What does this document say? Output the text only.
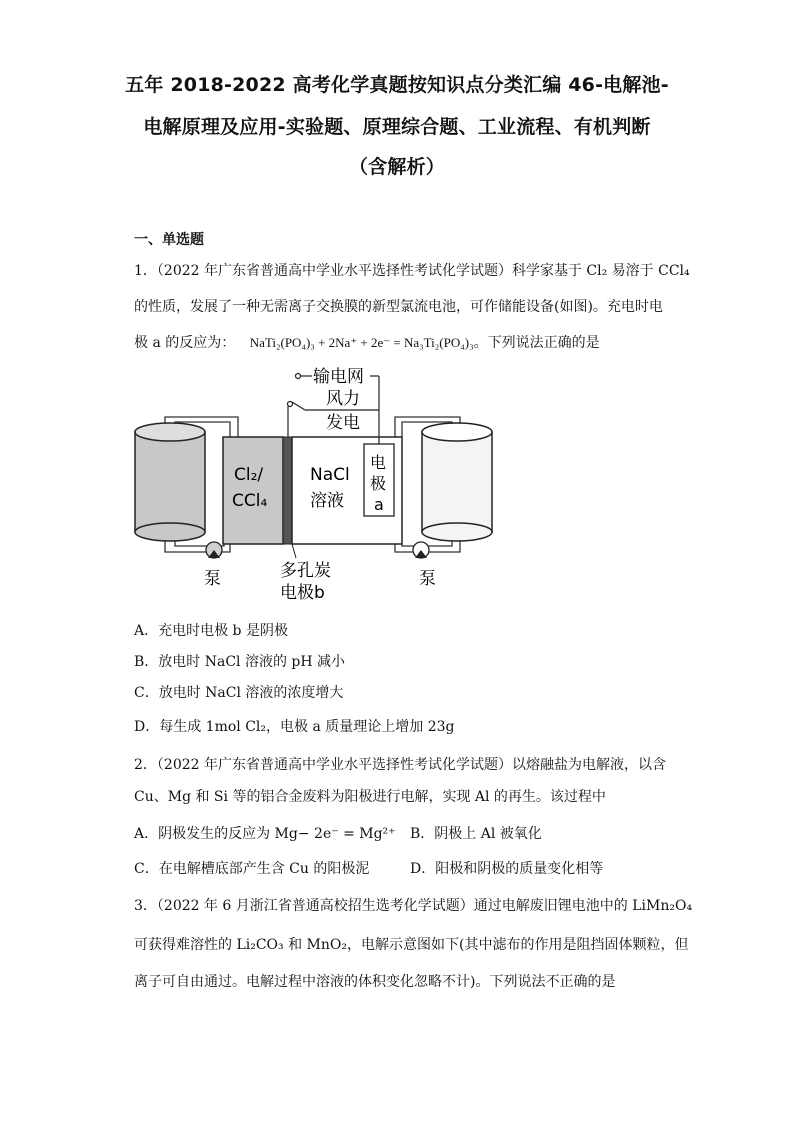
五年 2018-2022 高考化学真题按知识点分类汇编 46-电解池-
电解原理及应用-实验题、原理综合题、工业流程、有机判断
（含解析）
一、单选题
1．（2022 年广东省普通高中学业水平选择性考试化学试题）科学家基于 Cl₂ 易溶于 CCl₄
的性质，发展了一种无需离子交换膜的新型氯流电池，可作储能设备(如图)。充电时电
极 a 的反应为： NaTi₂(PO₄)₃ + 2Na⁺ + 2e⁻ = Na₃Ti₂(PO₄)₃。下列说法正确的是
输电网
风力
发电
Cl₂/
CCl₄
NaCl
溶液
电
极
a
多孔炭
电极b
泵	泵
A．充电时电极 b 是阴极
B．放电时 NaCl 溶液的 pH 减小
C．放电时 NaCl 溶液的浓度增大
D．每生成 1mol Cl₂，电极 a 质量理论上增加 23g
2．（2022 年广东省普通高中学业水平选择性考试化学试题）以熔融盐为电解液，以含
Cu、Mg 和 Si 等的铝合金废料为阳极进行电解，实现 Al 的再生。该过程中
A．阴极发生的反应为 Mg− 2e⁻ = Mg²⁺ B．阴极上 Al 被氧化
C．在电解槽底部产生含 Cu 的阳极泥	D．阳极和阴极的质量变化相等
3．（2022 年 6 月浙江省普通高校招生选考化学试题）通过电解废旧锂电池中的 LiMn₂O₄
可获得难溶性的 Li₂CO₃ 和 MnO₂，电解示意图如下(其中滤布的作用是阻挡固体颗粒，但
离子可自由通过。电解过程中溶液的体积变化忽略不计)。下列说法不正确的是
